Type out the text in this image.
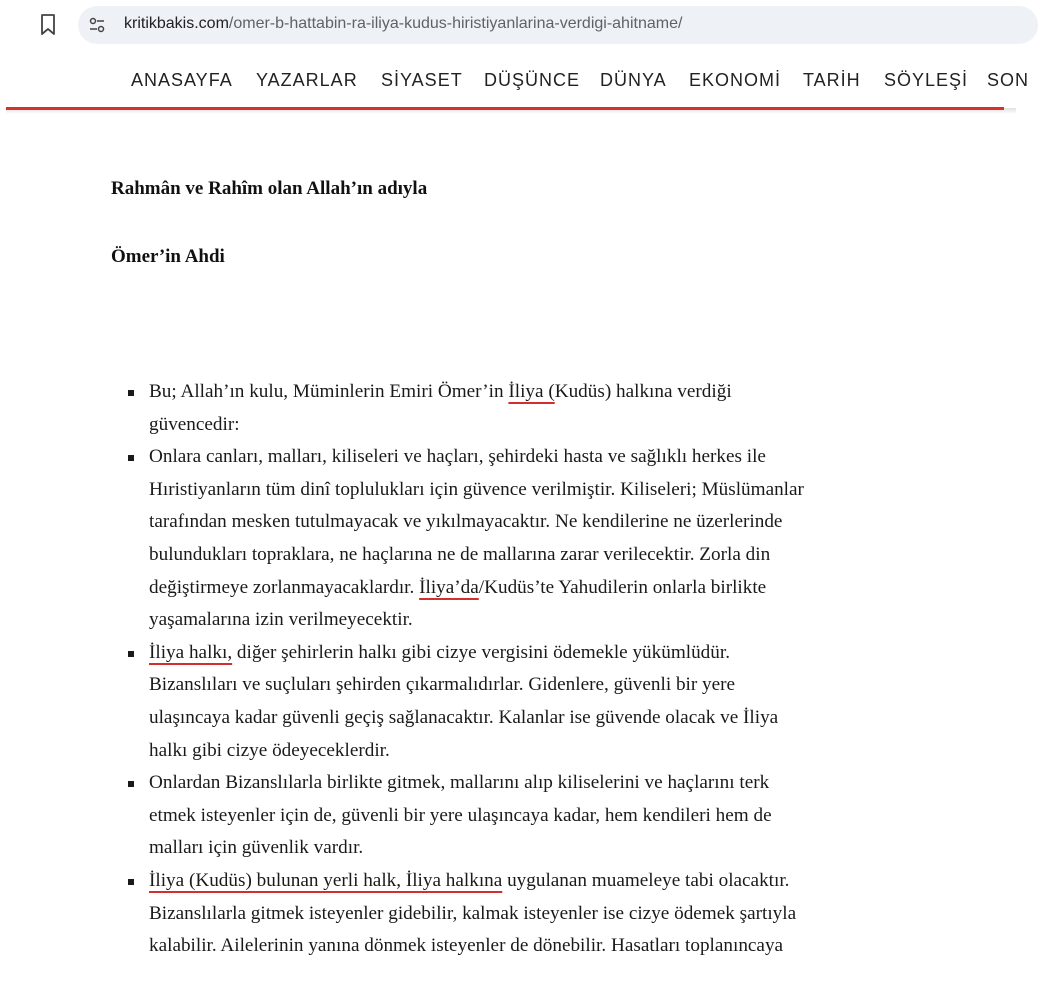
kritikbakis.com/omer-b-hattabin-ra-iliya-kudus-hiristiyanlarina-verdigi-ahitname/
ANASAYFA YAZARLAR SİYASET DÜŞÜNCE DÜNYA EKONOMİ TARİH SÖYLEŞİ SON
Rahmân ve Rahîm olan Allah’ın adıyla
Ömer’in Ahdi
Bu; Allah’ın kulu, Müminlerin Emiri Ömer’in İliya (Kudüs) halkına verdiği
güvencedir:
Onlara canları, malları, kiliseleri ve haçları, şehirdeki hasta ve sağlıklı herkes ile
Hıristiyanların tüm dinî toplulukları için güvence verilmiştir. Kiliseleri; Müslümanlar
tarafından mesken tutulmayacak ve yıkılmayacaktır. Ne kendilerine ne üzerlerinde
bulundukları topraklara, ne haçlarına ne de mallarına zarar verilecektir. Zorla din
değiştirmeye zorlanmayacaklardır. İliya’da/Kudüs’te Yahudilerin onlarla birlikte
yaşamalarına izin verilmeyecektir.
İliya halkı, diğer şehirlerin halkı gibi cizye vergisini ödemekle yükümlüdür.
Bizanslıları ve suçluları şehirden çıkarmalıdırlar. Gidenlere, güvenli bir yere
ulaşıncaya kadar güvenli geçiş sağlanacaktır. Kalanlar ise güvende olacak ve İliya
halkı gibi cizye ödeyeceklerdir.
Onlardan Bizanslılarla birlikte gitmek, mallarını alıp kiliselerini ve haçlarını terk
etmek isteyenler için de, güvenli bir yere ulaşıncaya kadar, hem kendileri hem de
malları için güvenlik vardır.
İliya (Kudüs) bulunan yerli halk, İliya halkına uygulanan muameleye tabi olacaktır.
Bizanslılarla gitmek isteyenler gidebilir, kalmak isteyenler ise cizye ödemek şartıyla
kalabilir. Ailelerinin yanına dönmek isteyenler de dönebilir. Hasatları toplanıncaya
